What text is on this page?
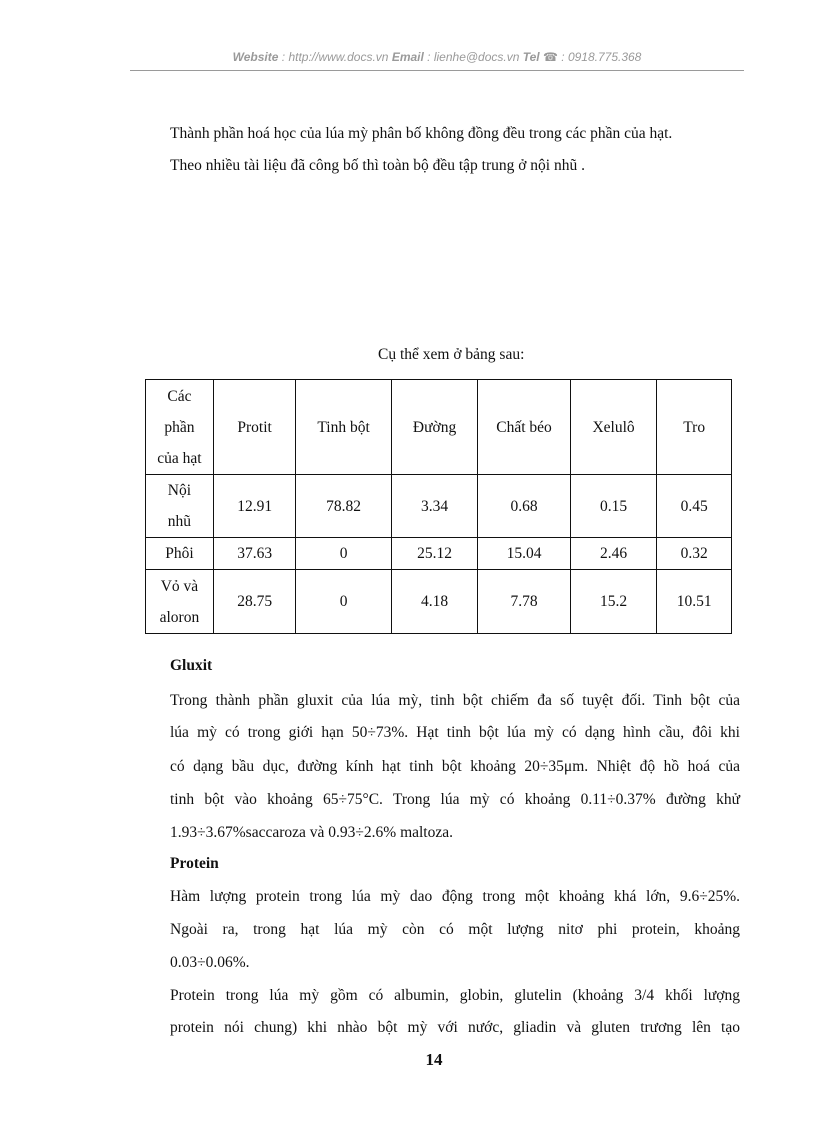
Website : http://www.docs.vn Email : lienhe@docs.vn Tel ☎ : 0918.775.368

Thành phần hoá học của lúa mỳ phân bố không đồng đều trong các phần của hạt.

Theo nhiều tài liệu đã công bố thì toàn bộ đều tập trung ở nội nhũ .

Cụ thể xem ở bảng sau:
Các phần của hạt	Protit	Tinh bột	Đường	Chất béo	Xelulô	Tro

Nội nhũ	12.91	78.82	3.34	0.68	0.15	0.45
Phôi	37.63	0	25.12	15.04	2.46	0.32

Vỏ và aloron	28.75	0	4.18	7.78	15.2	10.51
Gluxit

Trong thành phần gluxit của lúa mỳ, tinh bột chiếm đa số tuyệt đối. Tinh bột của

lúa mỳ có trong giới hạn 50÷73%. Hạt tinh bột lúa mỳ có dạng hình cầu, đôi khi

có dạng bầu dục, đường kính hạt tinh bột khoảng 20÷35μm. Nhiệt độ hồ hoá của

tinh bột vào khoảng 65÷75°C. Trong lúa mỳ có khoảng 0.11÷0.37% đường khử

1.93÷3.67%saccaroza và 0.93÷2.6% maltoza.

Protein

Hàm lượng protein trong lúa mỳ dao động trong một khoảng khá lớn, 9.6÷25%.

Ngoài ra, trong hạt lúa mỳ còn có một lượng nitơ phi protein, khoảng

0.03÷0.06%.

Protein trong lúa mỳ gồm có albumin, globin, glutelin (khoảng 3/4 khối lượng

protein nói chung) khi nhào bột mỳ với nước, gliadin và gluten trương lên tạo

14
